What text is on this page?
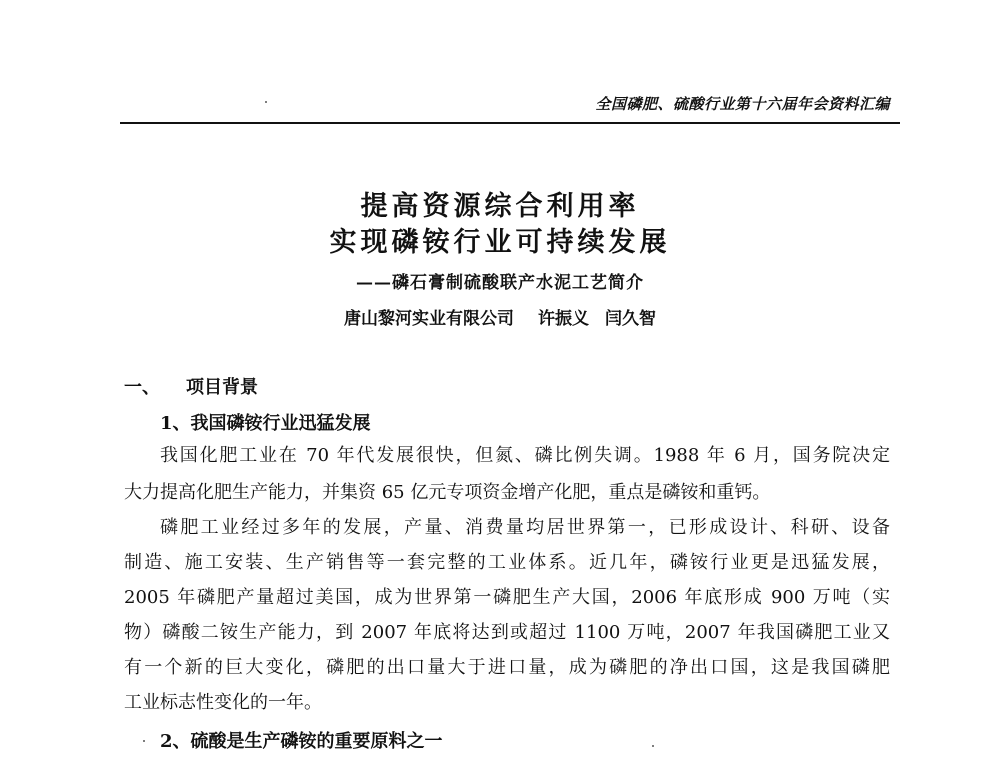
全国磷肥、硫酸行业第十六届年会资料汇编
提高资源综合利用率
实现磷铵行业可持续发展
——磷石膏制硫酸联产水泥工艺简介
唐山黎河实业有限公司 许振义 闫久智
一、 项目背景
1、我国磷铵行业迅猛发展
我国化肥工业在 70 年代发展很快，但氮、磷比例失调。1988 年 6 月，国务院决定
大力提高化肥生产能力，并集资 65 亿元专项资金增产化肥，重点是磷铵和重钙。
磷肥工业经过多年的发展，产量、消费量均居世界第一，已形成设计、科研、设备
制造、施工安装、生产销售等一套完整的工业体系。近几年，磷铵行业更是迅猛发展，
2005 年磷肥产量超过美国，成为世界第一磷肥生产大国，2006 年底形成 900 万吨（实
物）磷酸二铵生产能力，到 2007 年底将达到或超过 1100 万吨，2007 年我国磷肥工业又
有一个新的巨大变化，磷肥的出口量大于进口量，成为磷肥的净出口国，这是我国磷肥
工业标志性变化的一年。
2、硫酸是生产磷铵的重要原料之一
